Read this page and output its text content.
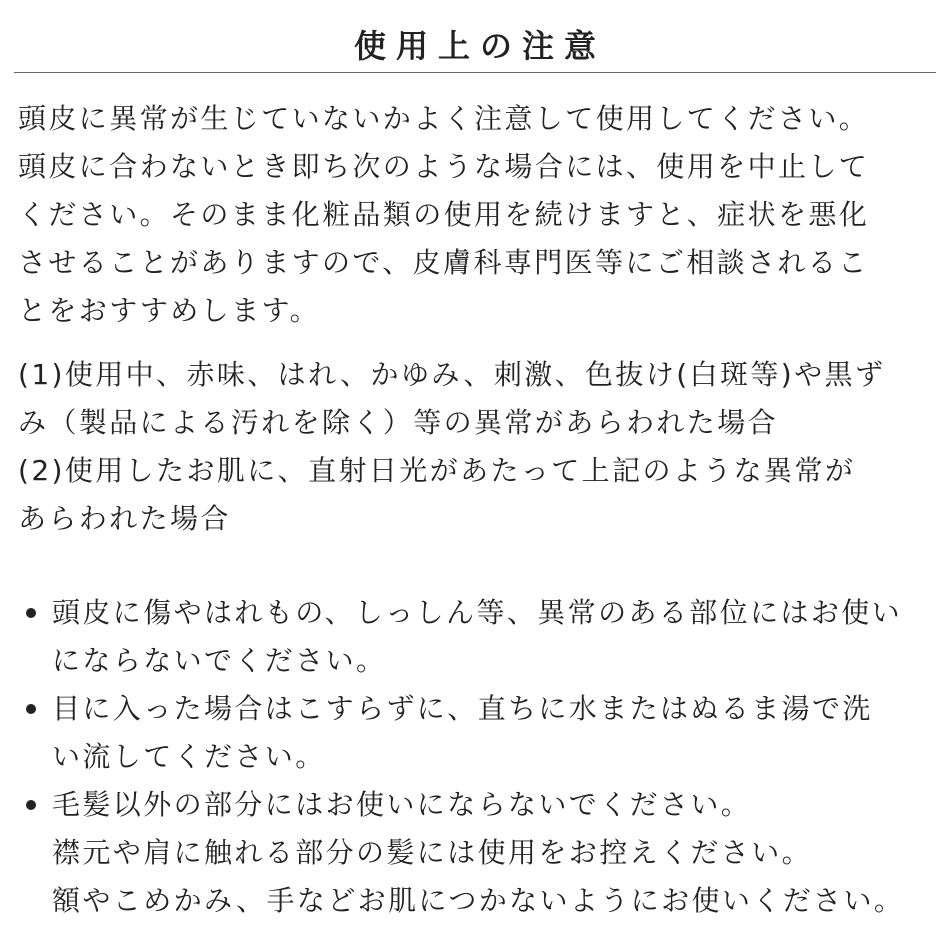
使用上の注意
頭皮に異常が生じていないかよく注意して使用してください。
頭皮に合わないとき即ち次のような場合には、使用を中止して
ください。そのまま化粧品類の使用を続けますと、症状を悪化
させることがありますので、皮膚科専門医等にご相談されるこ
とをおすすめします。
(1)使用中、赤味、はれ、かゆみ、刺激、色抜け(白斑等)や黒ず
み（製品による汚れを除く）等の異常があらわれた場合
(2)使用したお肌に、直射日光があたって上記のような異常が
あらわれた場合
頭皮に傷やはれもの、しっしん等、異常のある部位にはお使い
にならないでください。
目に入った場合はこすらずに、直ちに水またはぬるま湯で洗
い流してください。
毛髪以外の部分にはお使いにならないでください。
襟元や肩に触れる部分の髪には使用をお控えください。
額やこめかみ、手などお肌につかないようにお使いください。
